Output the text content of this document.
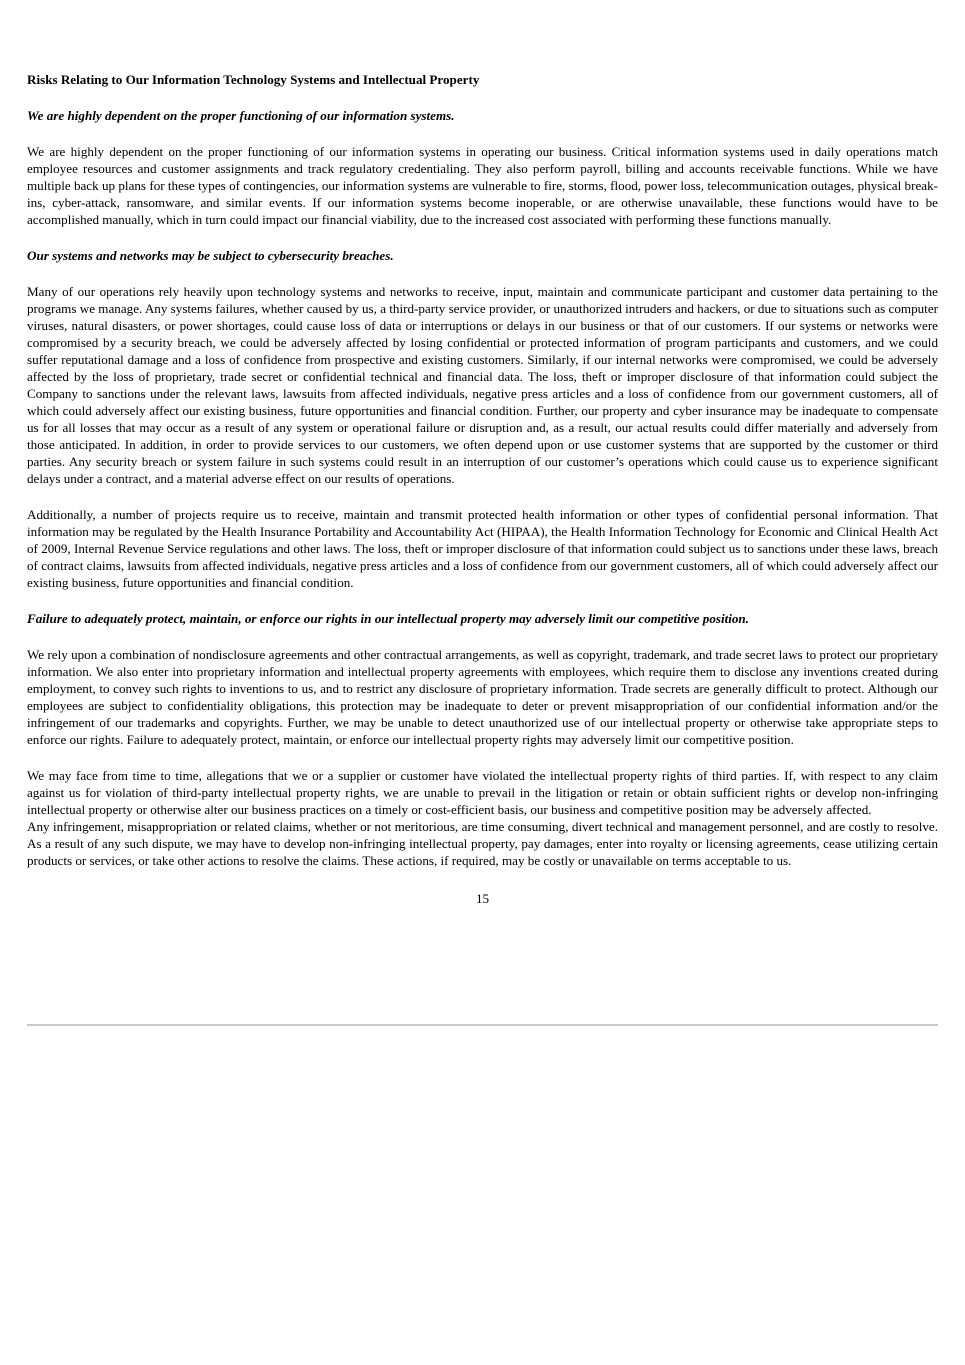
Risks Relating to Our Information Technology Systems and Intellectual Property
We are highly dependent on the proper functioning of our information systems.

We are highly dependent on the proper functioning of our information systems in operating our business. Critical information systems used in daily operations match employee resources and customer assignments and track regulatory credentialing. They also perform payroll, billing and accounts receivable functions. While we have multiple back up plans for these types of contingencies, our information systems are vulnerable to fire, storms, flood, power loss, telecommunication outages, physical break-ins, cyber-attack, ransomware, and similar events. If our information systems become inoperable, or are otherwise unavailable, these functions would have to be accomplished manually, which in turn could impact our financial viability, due to the increased cost associated with performing these functions manually.

Our systems and networks may be subject to cybersecurity breaches.

Many of our operations rely heavily upon technology systems and networks to receive, input, maintain and communicate participant and customer data pertaining to the programs we manage. Any systems failures, whether caused by us, a third-party service provider, or unauthorized intruders and hackers, or due to situations such as computer viruses, natural disasters, or power shortages, could cause loss of data or interruptions or delays in our business or that of our customers. If our systems or networks were compromised by a security breach, we could be adversely affected by losing confidential or protected information of program participants and customers, and we could suffer reputational damage and a loss of confidence from prospective and existing customers. Similarly, if our internal networks were compromised, we could be adversely affected by the loss of proprietary, trade secret or confidential technical and financial data. The loss, theft or improper disclosure of that information could subject the Company to sanctions under the relevant laws, lawsuits from affected individuals, negative press articles and a loss of confidence from our government customers, all of which could adversely affect our existing business, future opportunities and financial condition. Further, our property and cyber insurance may be inadequate to compensate us for all losses that may occur as a result of any system or operational failure or disruption and, as a result, our actual results could differ materially and adversely from those anticipated. In addition, in order to provide services to our customers, we often depend upon or use customer systems that are supported by the customer or third parties. Any security breach or system failure in such systems could result in an interruption of our customer’s operations which could cause us to experience significant delays under a contract, and a material adverse effect on our results of operations.

Additionally, a number of projects require us to receive, maintain and transmit protected health information or other types of confidential personal information. That information may be regulated by the Health Insurance Portability and Accountability Act (HIPAA), the Health Information Technology for Economic and Clinical Health Act of 2009, Internal Revenue Service regulations and other laws. The loss, theft or improper disclosure of that information could subject us to sanctions under these laws, breach of contract claims, lawsuits from affected individuals, negative press articles and a loss of confidence from our government customers, all of which could adversely affect our existing business, future opportunities and financial condition.

Failure to adequately protect, maintain, or enforce our rights in our intellectual property may adversely limit our competitive position.

We rely upon a combination of nondisclosure agreements and other contractual arrangements, as well as copyright, trademark, and trade secret laws to protect our proprietary information. We also enter into proprietary information and intellectual property agreements with employees, which require them to disclose any inventions created during employment, to convey such rights to inventions to us, and to restrict any disclosure of proprietary information. Trade secrets are generally difficult to protect. Although our employees are subject to confidentiality obligations, this protection may be inadequate to deter or prevent misappropriation of our confidential information and/or the infringement of our trademarks and copyrights. Further, we may be unable to detect unauthorized use of our intellectual property or otherwise take appropriate steps to enforce our rights. Failure to adequately protect, maintain, or enforce our intellectual property rights may adversely limit our competitive position.

We may face from time to time, allegations that we or a supplier or customer have violated the intellectual property rights of third parties. If, with respect to any claim against us for violation of third-party intellectual property rights, we are unable to prevail in the litigation or retain or obtain sufficient rights or develop non-infringing intellectual property or otherwise alter our business practices on a timely or cost-efficient basis, our business and competitive position may be adversely affected.

Any infringement, misappropriation or related claims, whether or not meritorious, are time consuming, divert technical and management personnel, and are costly to resolve. As a result of any such dispute, we may have to develop non-infringing intellectual property, pay damages, enter into royalty or licensing agreements, cease utilizing certain products or services, or take other actions to resolve the claims. These actions, if required, may be costly or unavailable on terms acceptable to us.

15
